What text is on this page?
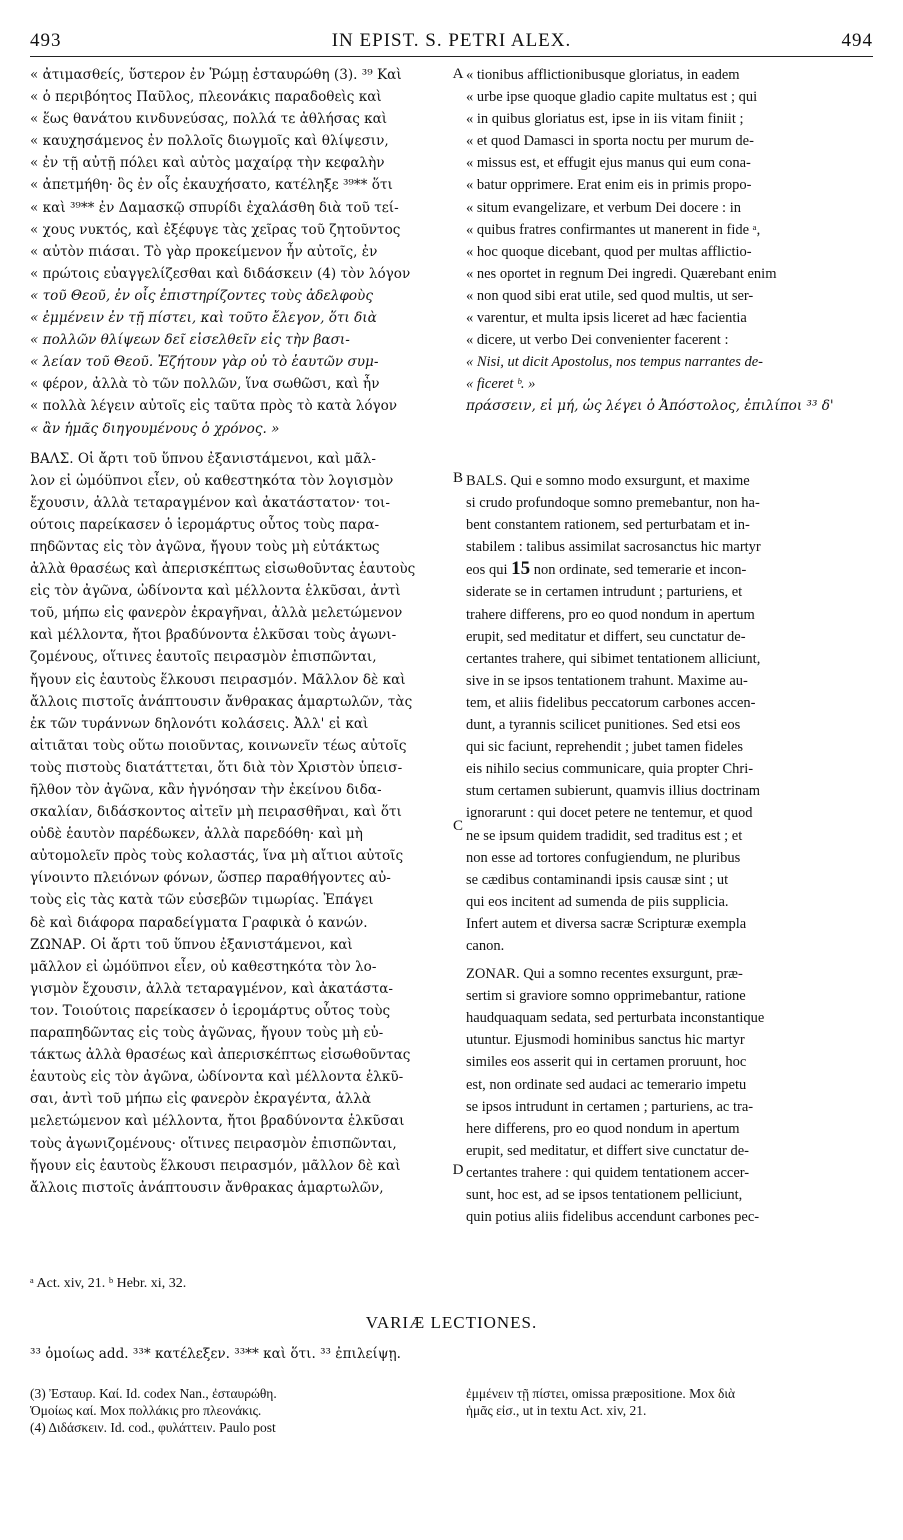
493	IN EPIST. S. PETRI ALEX.	494
« ἀτιμασθείς, ὕστερον ἐν Ῥώμῃ ἐσταυρώθη (3). ³⁹ Καὶ
« ὁ περιβόητος Παῦλος, πλεονάκις παραδοθεὶς καὶ
« ἕως θανάτου κινδυνεύσας, πολλά τε ἀθλήσας καὶ
« καυχησάμενος ἐν πολλοῖς διωγμοῖς καὶ θλίψεσιν,
« ἐν τῇ αὐτῇ πόλει καὶ αὐτὸς μαχαίρᾳ τὴν κεφαλὴν
« ἀπετμήθη· ὃς ἐν οἷς ἐκαυχήσατο, κατέληξε ³⁹** ὅτι
« καὶ ³⁹** ἐν Δαμασκῷ σπυρίδι ἐχαλάσθη διὰ τοῦ τεί-
« χους νυκτός, καὶ ἐξέφυγε τὰς χεῖρας τοῦ ζητοῦντος
« αὐτὸν πιάσαι. Τὸ γὰρ προκείμενον ἦν αὐτοῖς, ἐν
« πρώτοις εὐαγγελίζεσθαι καὶ διδάσκειν (4) τὸν λόγον
« τοῦ Θεοῦ, ἐν οἷς ἐπιστηρίζοντες τοὺς ἀδελφοὺς
« ἐμμένειν ἐν τῇ πίστει, καὶ τοῦτο ἔλεγον, ὅτι διὰ
« πολλῶν θλίψεων δεῖ εἰσελθεῖν εἰς τὴν βασι-
« λείαν τοῦ Θεοῦ. Ἐζήτουν γὰρ οὐ τὸ ἑαυτῶν συμ-
« φέρον, ἀλλὰ τὸ τῶν πολλῶν, ἵνα σωθῶσι, καὶ ἦν
« πολλὰ λέγειν αὐτοῖς εἰς ταῦτα πρὸς τὸ κατὰ λόγον
« ἂν ἡμᾶς διηγουμένους ὁ χρόνος. »
ΒΑΛΣ. Οἱ ἄρτι τοῦ ὕπνου ἐξανιστάμενοι, καὶ μᾶλ-
λον εἰ ὠμόϋπνοι εἶεν, οὐ καθεστηκότα τὸν λογισμὸν
ἔχουσιν, ἀλλὰ τεταραγμένον καὶ ἀκατάστατον· τοι-
ούτοις παρείκασεν ὁ ἱερομάρτυς οὗτος τοὺς παρα-
πηδῶντας εἰς τὸν ἀγῶνα, ἤγουν τοὺς μὴ εὐτάκτως
ἀλλὰ θρασέως καὶ ἀπερισκέπτως εἰσωθοῦντας ἑαυτοὺς
εἰς τὸν ἀγῶνα, ὠδίνοντα καὶ μέλλοντα ἑλκῦσαι, ἀντὶ
τοῦ, μήπω εἰς φανερὸν ἐκραγῆναι, ἀλλὰ μελετώμενον
καὶ μέλλοντα, ἤτοι βραδύνοντα ἑλκῦσαι τοὺς ἀγωνι-
ζομένους, οἵτινες ἑαυτοῖς πειρασμὸν ἐπισπῶνται,
ἤγουν εἰς ἑαυτοὺς ἕλκουσι πειρασμόν. Μᾶλλον δὲ καὶ
ἄλλοις πιστοῖς ἀνάπτουσιν ἄνθρακας ἁμαρτωλῶν, τὰς
ἐκ τῶν τυράννων δηλονότι κολάσεις. Ἀλλ' εἰ καὶ
αἰτιᾶται τοὺς οὕτω ποιοῦντας, κοινωνεῖν τέως αὐτοῖς
τοὺς πιστοὺς διατάττεται, ὅτι διὰ τὸν Χριστὸν ὑπεισ-
ῆλθον τὸν ἀγῶνα, κἂν ἠγνόησαν τὴν ἐκείνου διδα-
σκαλίαν, διδάσκοντος αἰτεῖν μὴ πειρασθῆναι, καὶ ὅτι
οὐδὲ ἑαυτὸν παρέδωκεν, ἀλλὰ παρεδόθη· καὶ μὴ
αὐτομολεῖν πρὸς τοὺς κολαστάς, ἵνα μὴ αἴτιοι αὐτοῖς
γίνοιντο πλειόνων φόνων, ὥσπερ παραθήγοντες αὐ-
τοὺς εἰς τὰς κατὰ τῶν εὐσεβῶν τιμωρίας. Ἐπάγει
δὲ καὶ διάφορα παραδείγματα Γραφικὰ ὁ κανών.
ΖΩΝΑΡ. Οἱ ἄρτι τοῦ ὕπνου ἐξανιστάμενοι, καὶ
μᾶλλον εἰ ὠμόϋπνοι εἶεν, οὐ καθεστηκότα τὸν λο-
γισμὸν ἔχουσιν, ἀλλὰ τεταραγμένον, καὶ ἀκατάστα-
τον. Τοιούτοις παρείκασεν ὁ ἱερομάρτυς οὗτος τοὺς
παραπηδῶντας εἰς τοὺς ἀγῶνας, ἤγουν τοὺς μὴ εὐ-
τάκτως ἀλλὰ θρασέως καὶ ἀπερισκέπτως εἰσωθοῦντας
ἑαυτοὺς εἰς τὸν ἀγῶνα, ὠδίνοντα καὶ μέλλοντα ἑλκῦ-
σαι, ἀντὶ τοῦ μήπω εἰς φανερὸν ἐκραγέντα, ἀλλὰ
μελετώμενον καὶ μέλλοντα, ἤτοι βραδύνοντα ἑλκῦσαι
τοὺς ἀγωνιζομένους· οἵτινες πειρασμὸν ἐπισπῶνται,
ἤγουν εἰς ἑαυτοὺς ἕλκουσι πειρασμόν, μᾶλλον δὲ καὶ
ἄλλοις πιστοῖς ἀνάπτουσιν ἄνθρακας ἁμαρτωλῶν,
« tionibus afflictionibusque gloriatus, in eadem
« urbe ipse quoque gladio capite multatus est ; qui
« in quibus gloriatus est, ipse in iis vitam finiit ;
« et quod Damasci in sporta noctu per murum de-
« missus est, et effugit ejus manus qui eum cona-
« batur opprimere. Erat enim eis in primis propo-
« situm evangelizare, et verbum Dei docere : in
« quibus fratres confirmantes ut manerent in fide ᵃ,
« hoc quoque dicebant, quod per multas afflictio-
« nes oportet in regnum Dei ingredi. Quærebant enim
« non quod sibi erat utile, sed quod multis, ut ser-
« varentur, et multa ipsis liceret ad hæc facientia
« dicere, ut verbo Dei convenienter facerent :
« Nisi, ut dicit Apostolus, nos tempus narrantes de-
« ficeret ᵇ. »
πράσσειν, εἰ μή, ὡς λέγει ὁ Ἀπόστολος, ἐπιλίποι ³³ δ'
BALS. Qui e somno modo exsurgunt, et maxime
si crudo profundoque somno premebantur, non ha-
bent constantem rationem, sed perturbatam et in-
stabilem : talibus assimilat sacrosanctus hic martyr
eos qui 15 non ordinate, sed temerarie et incon-
siderate se in certamen intrudunt ; parturiens, et
trahere differens, pro eo quod nondum in apertum
erupit, sed meditatur et differt, seu cunctatur de-
certantes trahere, qui sibimet tentationem alliciunt,
sive in se ipsos tentationem trahunt. Maxime au-
tem, et aliis fidelibus peccatorum carbones accen-
dunt, a tyrannis scilicet punitiones. Sed etsi eos
qui sic faciunt, reprehendit ; jubet tamen fideles
eis nihilo secius communicare, quia propter Chri-
stum certamen subierunt, quamvis illius doctrinam
ignorarunt : qui docet petere ne tentemur, et quod
ne se ipsum quidem tradidit, sed traditus est ; et
non esse ad tortores confugiendum, ne pluribus
se cædibus contaminandi ipsis causæ sint ; ut
qui eos incitent ad sumenda de piis supplicia.
Infert autem et diversa sacræ Scripturæ exempla
canon.
ZONAR. Qui a somno recentes exsurgunt, præ-
sertim si graviore somno opprimebantur, ratione
haudquaquam sedata, sed perturbata inconstantique
utuntur. Ejusmodi hominibus sanctus hic martyr
similes eos asserit qui in certamen proruunt, hoc
est, non ordinate sed audaci ac temerario impetu
se ipsos intrudunt in certamen ; parturiens, ac tra-
here differens, pro eo quod nondum in apertum
erupit, sed meditatur, et differt sive cunctatur de-
certantes trahere : qui quidem tentationem accer-
sunt, hoc est, ad se ipsos tentationem pelliciunt,
quin potius aliis fidelibus accendunt carbones pec-
A
B
C
D
ᵃ Act. xiv, 21. ᵇ Hebr. xi, 32.
VARIÆ LECTIONES.
³³ ὁμοίως add. ³³* κατέλεξεν. ³³** καὶ ὅτι. ³³ ἐπιλείψῃ.
(3) Ἐσταυρ. Καί. Id. codex Nan., ἐσταυρώθη.
Ὁμοίως καί. Mox πολλάκις pro πλεονάκις.
(4) Διδάσκειν. Id. cod., φυλάττειν. Paulo post
ἐμμένειν τῇ πίστει, omissa præpositione. Mox διὰ
ἡμᾶς εἰσ., ut in textu Act. xiv, 21.
